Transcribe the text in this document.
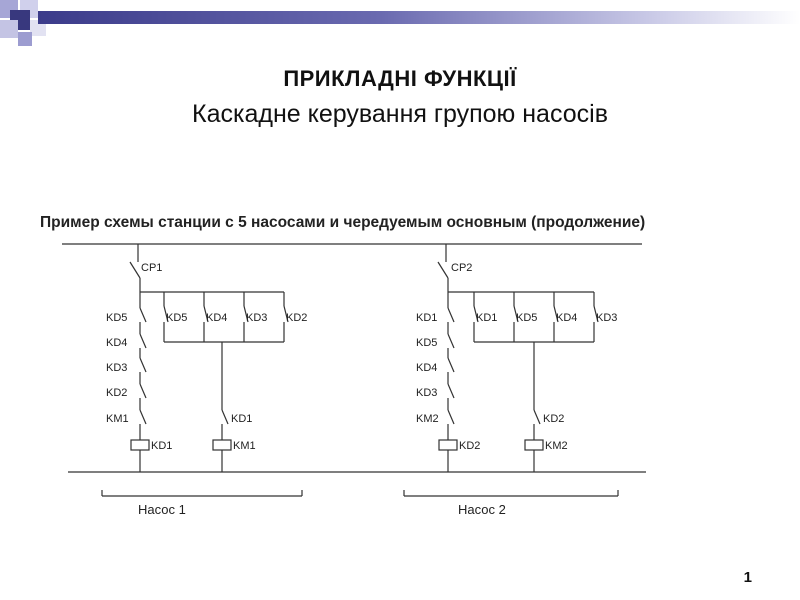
ПРИКЛАДНІ ФУНКЦІЇ
Каскадне керування групою насосів
Пример схемы станции с 5 насосами и чередуемым основным (продолжение)
CP1
KD5
KD4
KD3
KD2
KM1
KD5 KD4 KD3 KD2
KD1
KD1
KM1
Насос 1
CP2
KD1
KD5
KD4
KD3
KM2
KD1 KD5 KD4 KD3
KD2
KD2
KM2
Насос 2
1
